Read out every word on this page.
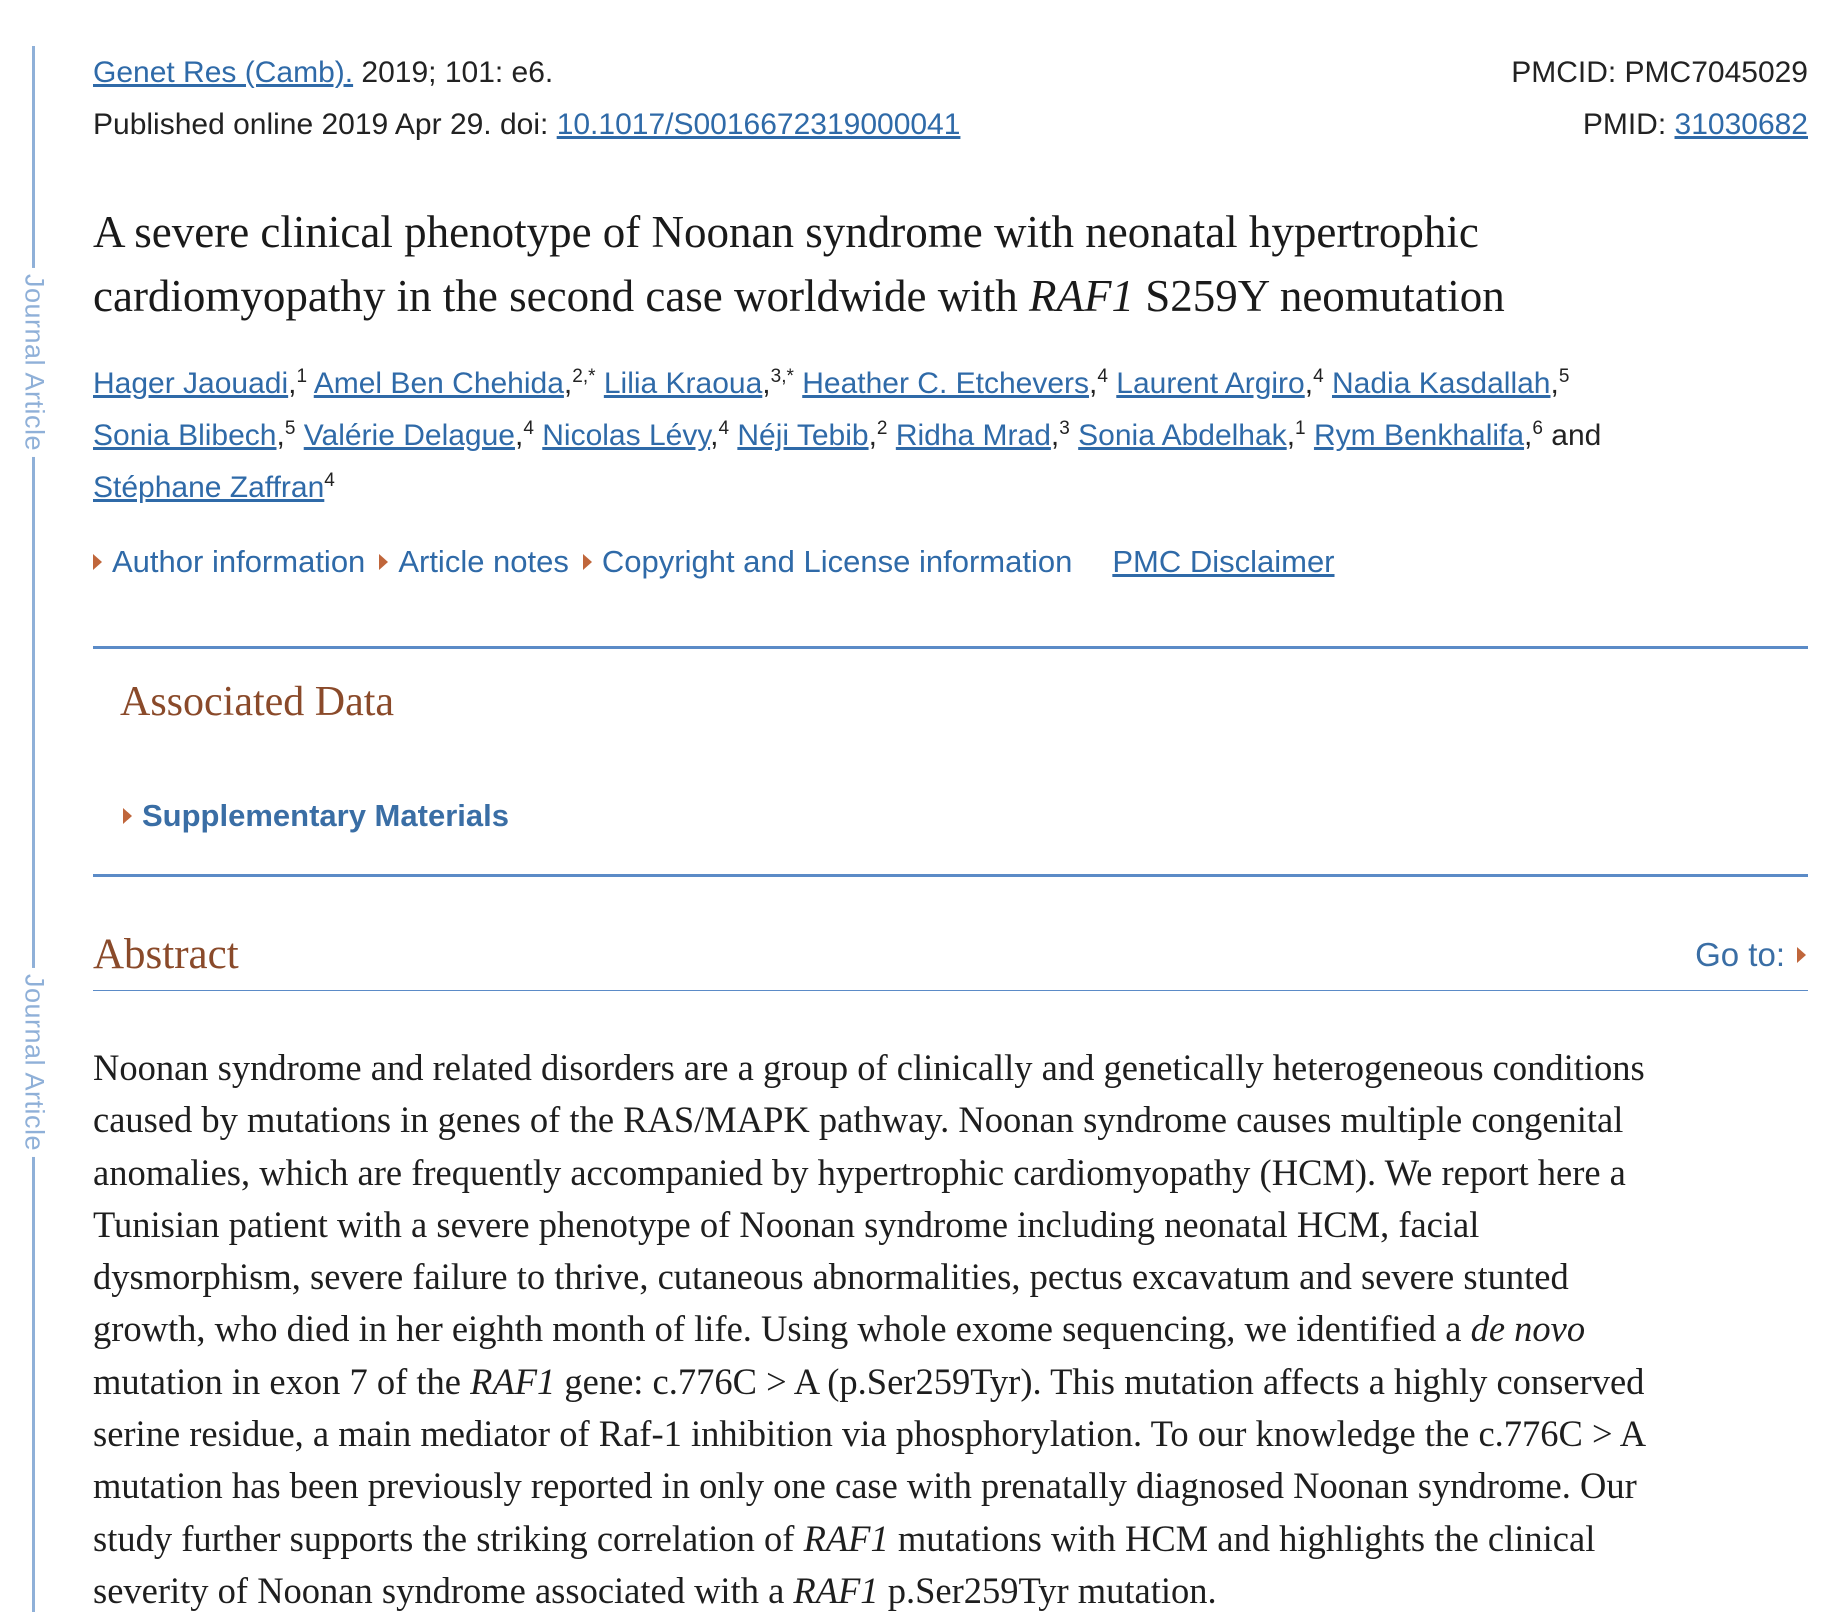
Journal Article
Journal Article
Genet Res (Camb). 2019; 101: e6.	PMCID: PMC7045029
Published online 2019 Apr 29. doi: 10.1017/S0016672319000041	PMID: 31030682
A severe clinical phenotype of Noonan syndrome with neonatal hypertrophic
cardiomyopathy in the second case worldwide with RAF1 S259Y neomutation
Hager Jaouadi,$^1$ Amel Ben Chehida,$^{2,*}$ Lilia Kraoua,$^{3,*}$ Heather C. Etchevers,$^4$ Laurent Argiro,$^4$ Nadia Kasdallah,$^5$
Sonia Blibech,$^5$ Valérie Delague,$^4$ Nicolas Lévy,$^4$ Néji Tebib,$^2$ Ridha Mrad,$^3$ Sonia Abdelhak,$^1$ Rym Benkhalifa,$^6$ and
Stéphane Zaffran$^4$
Author information Article notes Copyright and License information PMC Disclaimer
Associated Data
Supplementary Materials
Abstract	Go to:
Noonan syndrome and related disorders are a group of clinically and genetically heterogeneous conditions
caused by mutations in genes of the RAS/MAPK pathway. Noonan syndrome causes multiple congenital
anomalies, which are frequently accompanied by hypertrophic cardiomyopathy (HCM). We report here a
Tunisian patient with a severe phenotype of Noonan syndrome including neonatal HCM, facial
dysmorphism, severe failure to thrive, cutaneous abnormalities, pectus excavatum and severe stunted
growth, who died in her eighth month of life. Using whole exome sequencing, we identified a de novo
mutation in exon 7 of the RAF1 gene: c.776C > A (p.Ser259Tyr). This mutation affects a highly conserved
serine residue, a main mediator of Raf-1 inhibition via phosphorylation. To our knowledge the c.776C > A
mutation has been previously reported in only one case with prenatally diagnosed Noonan syndrome. Our
study further supports the striking correlation of RAF1 mutations with HCM and highlights the clinical
severity of Noonan syndrome associated with a RAF1 p.Ser259Tyr mutation.
